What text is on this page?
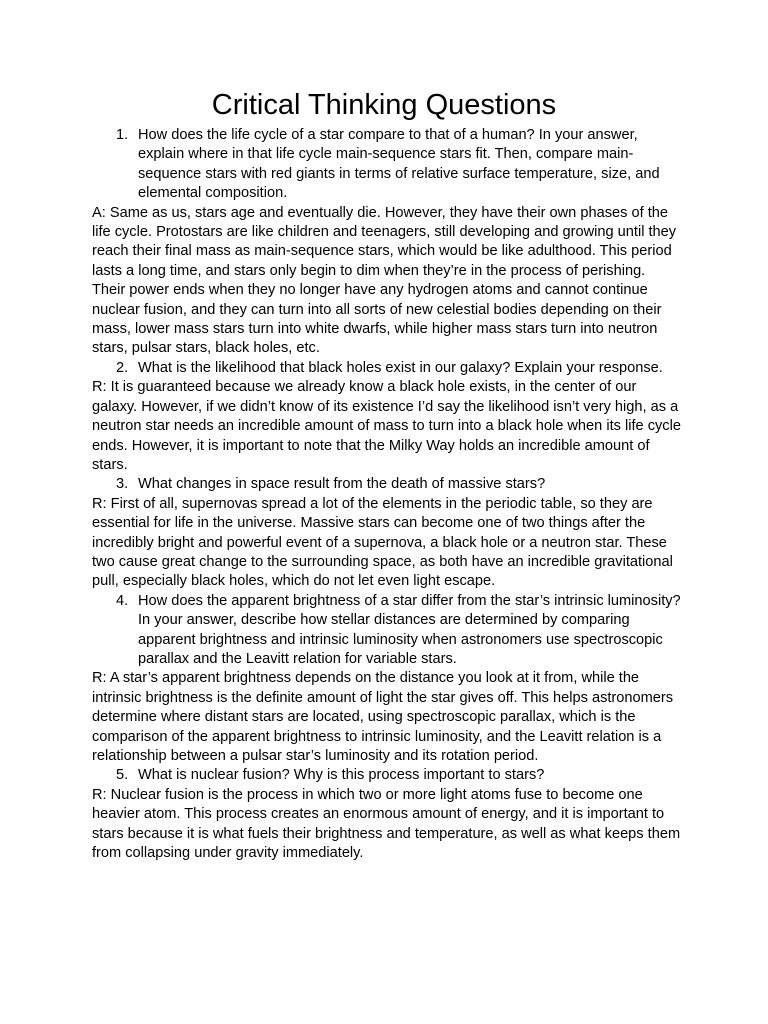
Critical Thinking Questions
1. How does the life cycle of a star compare to that of a human? In your answer, explain where in that life cycle main-sequence stars fit. Then, compare main-sequence stars with red giants in terms of relative surface temperature, size, and elemental composition.

A: Same as us, stars age and eventually die. However, they have their own phases of the life cycle. Protostars are like children and teenagers, still developing and growing until they reach their final mass as main-sequence stars, which would be like adulthood. This period lasts a long time, and stars only begin to dim when they’re in the process of perishing. Their power ends when they no longer have any hydrogen atoms and cannot continue nuclear fusion, and they can turn into all sorts of new celestial bodies depending on their mass, lower mass stars turn into white dwarfs, while higher mass stars turn into neutron stars, pulsar stars, black holes, etc.

2. What is the likelihood that black holes exist in our galaxy? Explain your response.

R: It is guaranteed because we already know a black hole exists, in the center of our galaxy. However, if we didn’t know of its existence I’d say the likelihood isn’t very high, as a neutron star needs an incredible amount of mass to turn into a black hole when its life cycle ends. However, it is important to note that the Milky Way holds an incredible amount of stars.

3. What changes in space result from the death of massive stars?

R: First of all, supernovas spread a lot of the elements in the periodic table, so they are essential for life in the universe. Massive stars can become one of two things after the incredibly bright and powerful event of a supernova, a black hole or a neutron star. These two cause great change to the surrounding space, as both have an incredible gravitational pull, especially black holes, which do not let even light escape.

4. How does the apparent brightness of a star differ from the star’s intrinsic luminosity? In your answer, describe how stellar distances are determined by comparing apparent brightness and intrinsic luminosity when astronomers use spectroscopic parallax and the Leavitt relation for variable stars.

R: A star’s apparent brightness depends on the distance you look at it from, while the intrinsic brightness is the definite amount of light the star gives off. This helps astronomers determine where distant stars are located, using spectroscopic parallax, which is the comparison of the apparent brightness to intrinsic luminosity, and the Leavitt relation is a relationship between a pulsar star’s luminosity and its rotation period.

5. What is nuclear fusion? Why is this process important to stars?

R: Nuclear fusion is the process in which two or more light atoms fuse to become one heavier atom. This process creates an enormous amount of energy, and it is important to stars because it is what fuels their brightness and temperature, as well as what keeps them from collapsing under gravity immediately.
